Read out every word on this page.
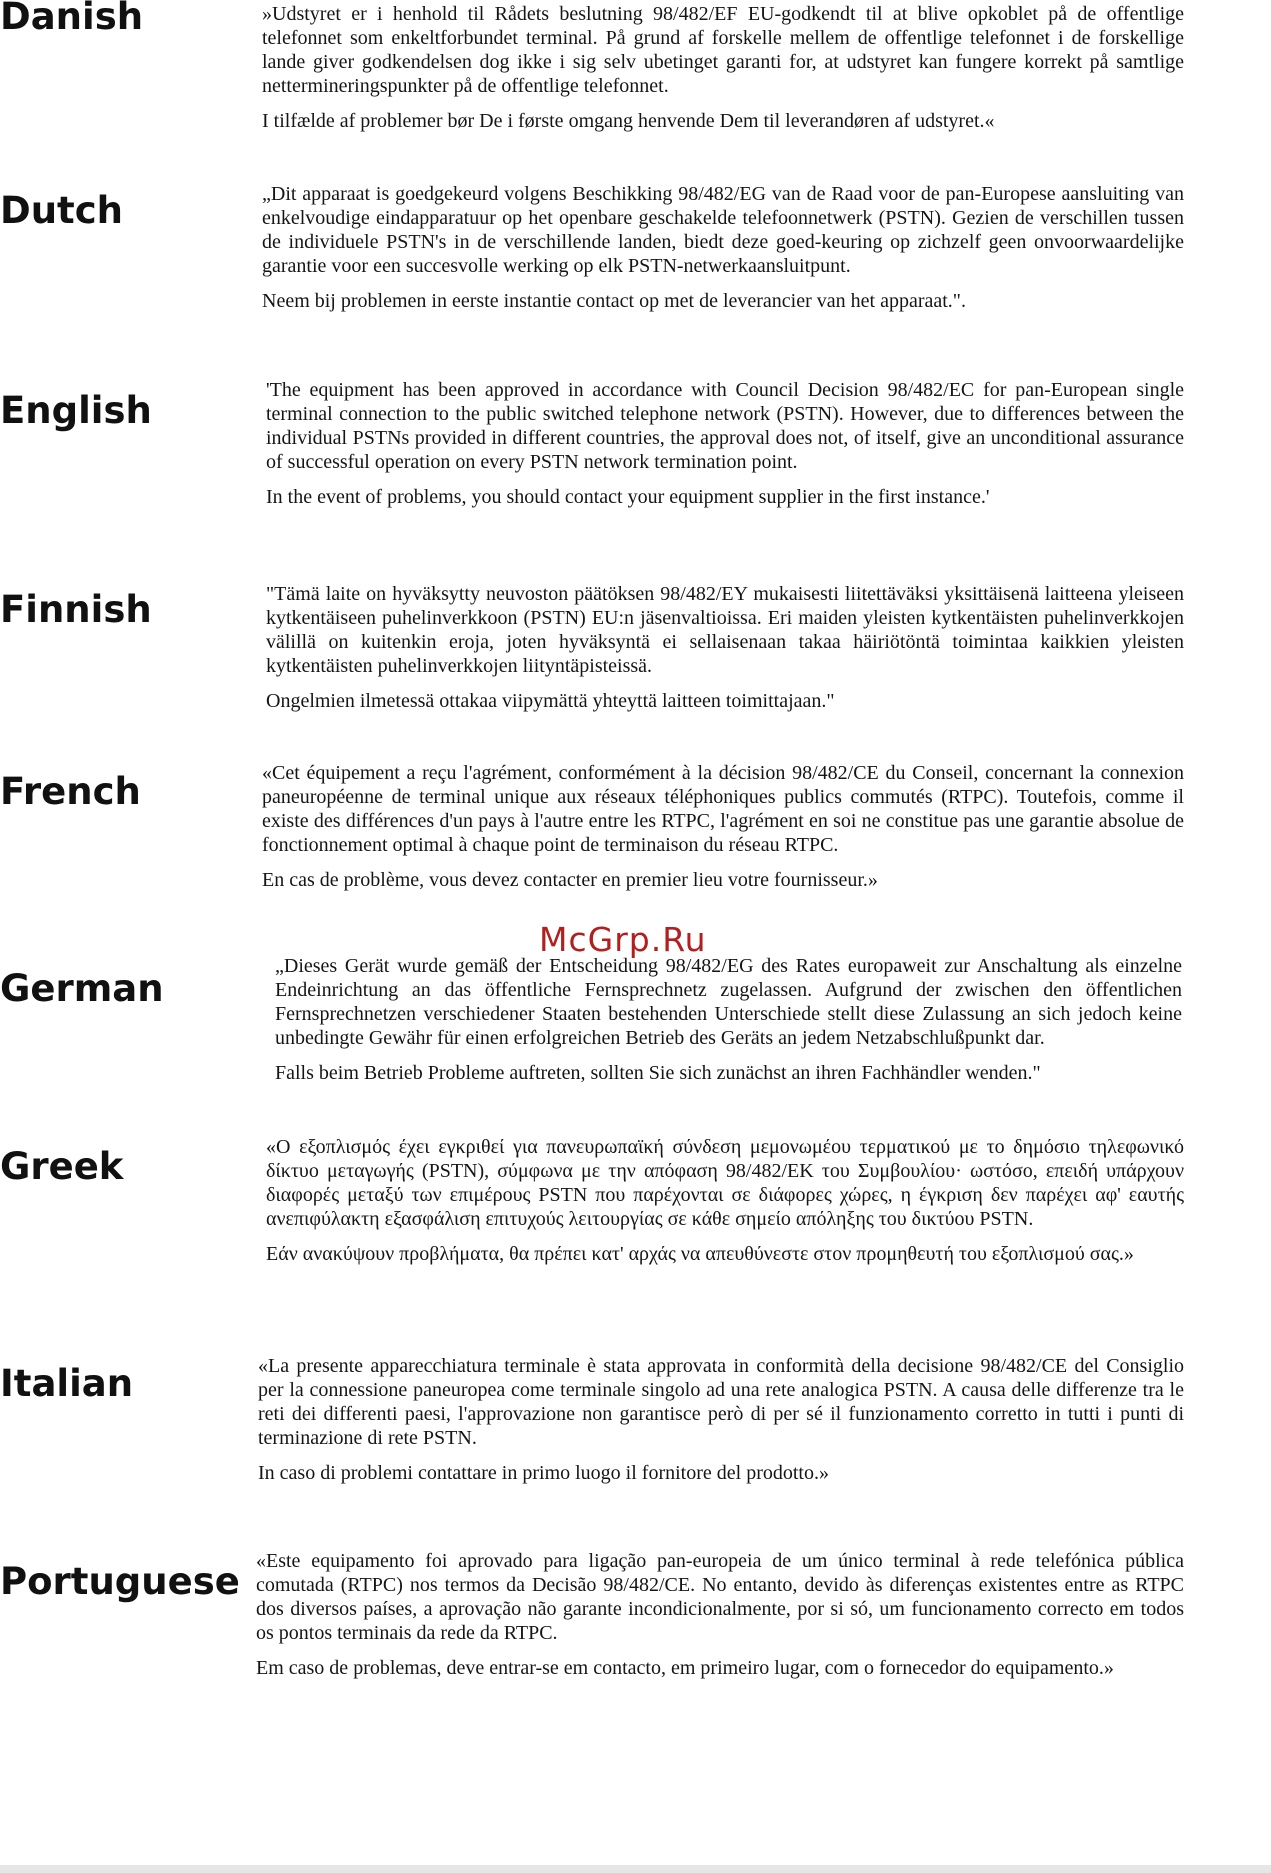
Danish
Dutch
English
Finnish
French
German
Greek
Italian
Portuguese

»Udstyret er i henhold til Rådets beslutning 98/482/EF EU-godkendt til at blive opkoblet på de offentlige telefonnet som enkeltforbundet terminal. På grund af forskelle mellem de offentlige telefonnet i de forskellige lande giver godkendelsen dog ikke i sig selv ubetinget garanti for, at udstyret kan fungere korrekt på samtlige nettermineringspunkter på de offentlige telefonnet.

I tilfælde af problemer bør De i første omgang henvende Dem til leverandøren af udstyret.«

„Dit apparaat is goedgekeurd volgens Beschikking 98/482/EG van de Raad voor de pan-Europese aansluiting van enkelvoudige eindapparatuur op het openbare geschakelde telefoonnetwerk (PSTN). Gezien de verschillen tussen de individuele PSTN's in de verschillende landen, biedt deze goed-keuring op zichzelf geen onvoorwaardelijke garantie voor een succesvolle werking op elk PSTN-netwerkaansluitpunt.

Neem bij problemen in eerste instantie contact op met de leverancier van het apparaat.".

'The equipment has been approved in accordance with Council Decision 98/482/EC for pan-European single terminal connection to the public switched telephone network (PSTN). However, due to differences between the individual PSTNs provided in different countries, the approval does not, of itself, give an unconditional assurance of successful operation on every PSTN network termination point.

In the event of problems, you should contact your equipment supplier in the first instance.'

"Tämä laite on hyväksytty neuvoston päätöksen 98/482/EY mukaisesti liitettäväksi yksittäisenä laitteena yleiseen kytkentäiseen puhelinverkkoon (PSTN) EU:n jäsenvaltioissa. Eri maiden yleisten kytkentäisten puhelinverkkojen välillä on kuitenkin eroja, joten hyväksyntä ei sellaisenaan takaa häiriötöntä toimintaa kaikkien yleisten kytkentäisten puhelinverkkojen liityntäpisteissä.

Ongelmien ilmetessä ottakaa viipymättä yhteyttä laitteen toimittajaan."

«Cet équipement a reçu l'agrément, conformément à la décision 98/482/CE du Conseil, concernant la connexion paneuropéenne de terminal unique aux réseaux téléphoniques publics commutés (RTPC). Toutefois, comme il existe des différences d'un pays à l'autre entre les RTPC, l'agrément en soi ne constitue pas une garantie absolue de fonctionnement optimal à chaque point de terminaison du réseau RTPC.

En cas de problème, vous devez contacter en premier lieu votre fournisseur.»

„Dieses Gerät wurde gemäß der Entscheidung 98/482/EG des Rates europaweit zur Anschaltung als einzelne Endeinrichtung an das öffentliche Fernsprechnetz zugelassen. Aufgrund der zwischen den öffentlichen Fernsprechnetzen verschiedener Staaten bestehenden Unterschiede stellt diese Zulassung an sich jedoch keine unbedingte Gewähr für einen erfolgreichen Betrieb des Geräts an jedem Netzabschlußpunkt dar.

Falls beim Betrieb Probleme auftreten, sollten Sie sich zunächst an ihren Fachhändler wenden."

«Ο εξοπλισμός έχει εγκριθεί για πανευρωπαϊκή σύνδεση μεμονωμέου τερματικού με το δημόσιο τηλεφωνικό δίκτυο μεταγωγής (PSTN), σύμφωνα με την απόφαση 98/482/ΕΚ του Συμβουλίου· ωστόσο, επειδή υπάρχουν διαφορές μεταξύ των επιμέρους PSTN που παρέχονται σε διάφορες χώρες, η έγκριση δεν παρέχει αφ' εαυτής ανεπιφύλακτη εξασφάλιση επιτυχούς λειτουργίας σε κάθε σημείο απόληξης του δικτύου PSTN.

Εάν ανακύψουν προβλήματα, θα πρέπει κατ' αρχάς να απευθύνεστε στον προμηθευτή του εξοπλισμού σας.»

«La presente apparecchiatura terminale è stata approvata in conformità della decisione 98/482/CE del Consiglio per la connessione paneuropea come terminale singolo ad una rete analogica PSTN. A causa delle differenze tra le reti dei differenti paesi, l'approvazione non garantisce però di per sé il funzionamento corretto in tutti i punti di terminazione di rete PSTN.

In caso di problemi contattare in primo luogo il fornitore del prodotto.»

«Este equipamento foi aprovado para ligação pan-europeia de um único terminal à rede telefónica pública comutada (RTPC) nos termos da Decisão 98/482/CE. No entanto, devido às diferenças existentes entre as RTPC dos diversos países, a aprovação não garante incondicionalmente, por si só, um funcionamento correcto em todos os pontos terminais da rede da RTPC.

Em caso de problemas, deve entrar-se em contacto, em primeiro lugar, com o fornecedor do equipamento.»

McGrp.Ru
